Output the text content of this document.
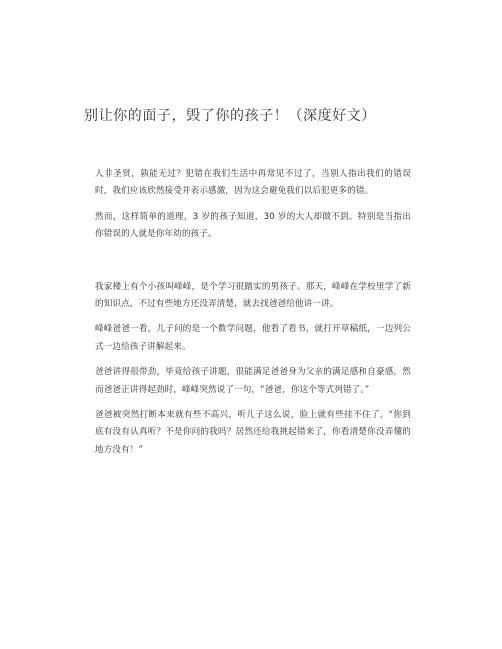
别让你的面子，毁了你的孩子！（深度好文）

人非圣贤，孰能无过？犯错在我们生活中再常见不过了，当别人指出我们的错误时，我们应该欣然接受并表示感激，因为这会避免我们以后犯更多的错。

然而，这样简单的道理，3 岁的孩子知道，30 岁的大人却做不到。特别是当指出你错误的人就是你年幼的孩子。

我家楼上有个小孩叫峰峰，是个学习很踏实的男孩子。那天，峰峰在学校里学了新的知识点，不过有些地方还没弄清楚，就去找爸爸给他讲一讲。

峰峰爸爸一看，儿子问的是一个数学问题，他看了看书，就打开草稿纸，一边列公式一边给孩子讲解起来。

爸爸讲得很带劲，毕竟给孩子讲题，很能满足爸爸身为父亲的满足感和自豪感，然而爸爸正讲得起劲时，峰峰突然说了一句，“爸爸，你这个等式列错了。”

爸爸被突然打断本来就有些不高兴，听儿子这么说，脸上就有些挂不住了，“你到底有没有认真听？不是你问的我吗？居然还给我挑起错来了，你看清楚你没弄懂的地方没有！”
